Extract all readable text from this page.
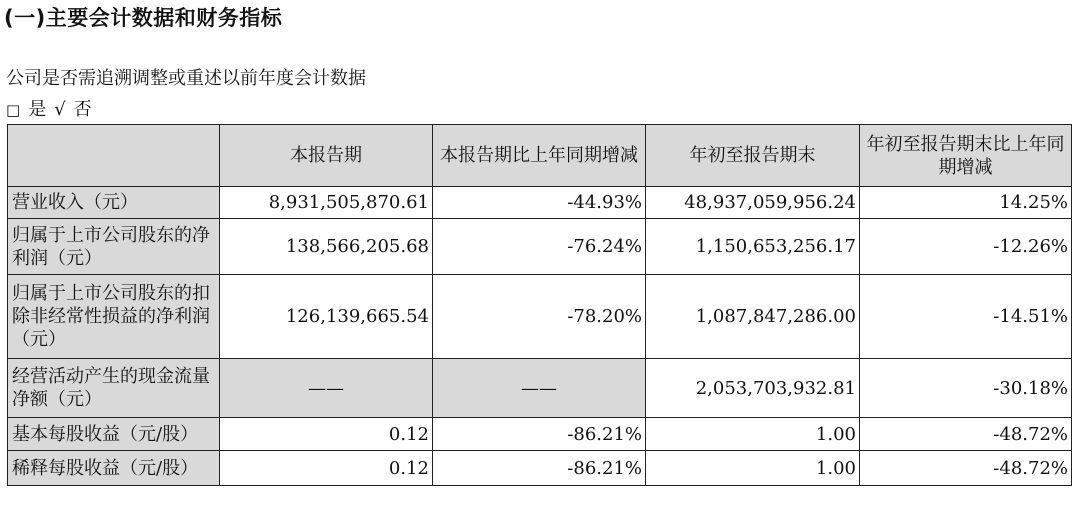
(一)主要会计数据和财务指标
公司是否需追溯调整或重述以前年度会计数据
□ 是 √ 否
	本报告期	本报告期比上年同期增减	年初至报告期末	年初至报告期末比上年同期增减
营业收入（元）	8,931,505,870.61	-44.93%	48,937,059,956.24	14.25%
归属于上市公司股东的净利润（元）	138,566,205.68	-76.24%	1,150,653,256.17	-12.26%
归属于上市公司股东的扣除非经常性损益的净利润（元）	126,139,665.54	-78.20%	1,087,847,286.00	-14.51%
经营活动产生的现金流量净额（元）	——	——	2,053,703,932.81	-30.18%
基本每股收益（元/股）	0.12	-86.21%	1.00	-48.72%
稀释每股收益（元/股）	0.12	-86.21%	1.00	-48.72%
